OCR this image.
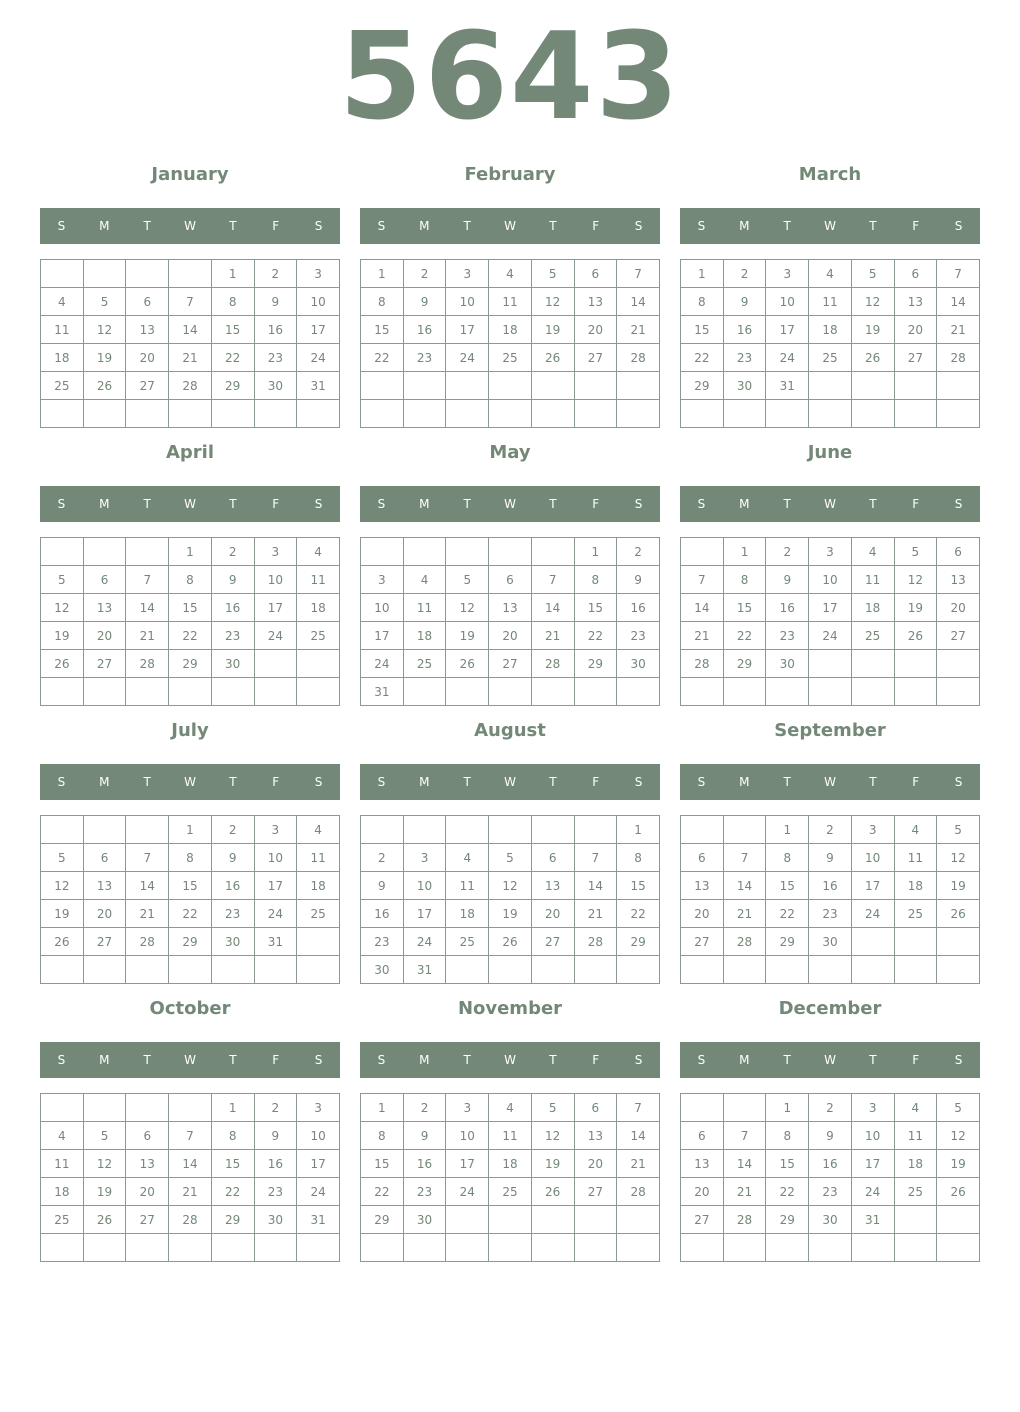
5643
January
S	M	T	W	T	F	S
				1	2	3
4	5	6	7	8	9	10
11	12	13	14	15	16	17
18	19	20	21	22	23	24
25	26	27	28	29	30	31

February
S	M	T	W	T	F	S
1	2	3	4	5	6	7
8	9	10	11	12	13	14
15	16	17	18	19	20	21
22	23	24	25	26	27	28

March
S	M	T	W	T	F	S
1	2	3	4	5	6	7
8	9	10	11	12	13	14
15	16	17	18	19	20	21
22	23	24	25	26	27	28
29	30	31				

April
S	M	T	W	T	F	S
			1	2	3	4
5	6	7	8	9	10	11
12	13	14	15	16	17	18
19	20	21	22	23	24	25
26	27	28	29	30		

May
S	M	T	W	T	F	S
					1	2
3	4	5	6	7	8	9
10	11	12	13	14	15	16
17	18	19	20	21	22	23
24	25	26	27	28	29	30
31						
June
S	M	T	W	T	F	S
	1	2	3	4	5	6
7	8	9	10	11	12	13
14	15	16	17	18	19	20
21	22	23	24	25	26	27
28	29	30				

July
S	M	T	W	T	F	S
			1	2	3	4
5	6	7	8	9	10	11
12	13	14	15	16	17	18
19	20	21	22	23	24	25
26	27	28	29	30	31	

August
S	M	T	W	T	F	S
						1
2	3	4	5	6	7	8
9	10	11	12	13	14	15
16	17	18	19	20	21	22
23	24	25	26	27	28	29
30	31					
September
S	M	T	W	T	F	S
		1	2	3	4	5
6	7	8	9	10	11	12
13	14	15	16	17	18	19
20	21	22	23	24	25	26
27	28	29	30			

October
S	M	T	W	T	F	S
				1	2	3
4	5	6	7	8	9	10
11	12	13	14	15	16	17
18	19	20	21	22	23	24
25	26	27	28	29	30	31

November
S	M	T	W	T	F	S
1	2	3	4	5	6	7
8	9	10	11	12	13	14
15	16	17	18	19	20	21
22	23	24	25	26	27	28
29	30					

December
S	M	T	W	T	F	S
		1	2	3	4	5
6	7	8	9	10	11	12
13	14	15	16	17	18	19
20	21	22	23	24	25	26
27	28	29	30	31		
